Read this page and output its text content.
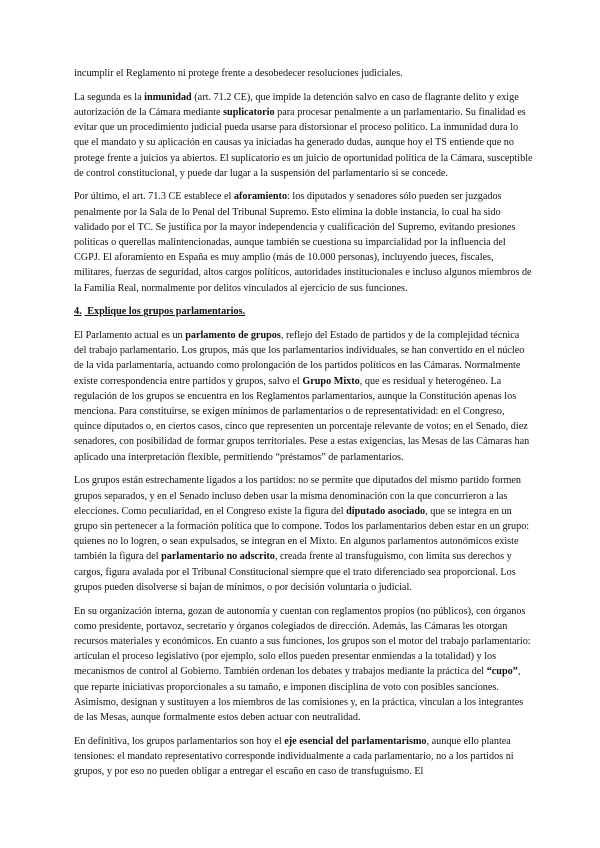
incumplir el Reglamento ni protege frente a desobedecer resoluciones judiciales.

La segunda es la inmunidad (art. 71.2 CE), que impide la detención salvo en caso de flagrante delito y exige autorización de la Cámara mediante suplicatorio para procesar penalmente a un parlamentario. Su finalidad es evitar que un procedimiento judicial pueda usarse para distorsionar el proceso político. La inmunidad dura lo que el mandato y su aplicación en causas ya iniciadas ha generado dudas, aunque hoy el TS entiende que no protege frente a juicios ya abiertos. El suplicatorio es un juicio de oportunidad política de la Cámara, susceptible de control constitucional, y puede dar lugar a la suspensión del parlamentario si se concede.

Por último, el art. 71.3 CE establece el aforamiento: los diputados y senadores sólo pueden ser juzgados penalmente por la Sala de lo Penal del Tribunal Supremo. Esto elimina la doble instancia, lo cual ha sido validado por el TC. Se justifica por la mayor independencia y cualificación del Supremo, evitando presiones políticas o querellas malintencionadas, aunque también se cuestiona su imparcialidad por la influencia del CGPJ. El aforamiento en España es muy amplio (más de 10.000 personas), incluyendo jueces, fiscales, militares, fuerzas de seguridad, altos cargos políticos, autoridades institucionales e incluso algunos miembros de la Familia Real, normalmente por delitos vinculados al ejercicio de sus funciones.

4. Explique los grupos parlamentarios.

El Parlamento actual es un parlamento de grupos, reflejo del Estado de partidos y de la complejidad técnica del trabajo parlamentario. Los grupos, más que los parlamentarios individuales, se han convertido en el núcleo de la vida parlamentaria, actuando como prolongación de los partidos políticos en las Cámaras. Normalmente existe correspondencia entre partidos y grupos, salvo el Grupo Mixto, que es residual y heterogéneo. La regulación de los grupos se encuentra en los Reglamentos parlamentarios, aunque la Constitución apenas los menciona. Para constituirse, se exigen mínimos de parlamentarios o de representatividad: en el Congreso, quince diputados o, en ciertos casos, cinco que representen un porcentaje relevante de votos; en el Senado, diez senadores, con posibilidad de formar grupos territoriales. Pese a estas exigencias, las Mesas de las Cámaras han aplicado una interpretación flexible, permitiendo “préstamos” de parlamentarios.

Los grupos están estrechamente ligados a los partidos: no se permite que diputados del mismo partido formen grupos separados, y en el Senado incluso deben usar la misma denominación con la que concurrieron a las elecciones. Como peculiaridad, en el Congreso existe la figura del diputado asociado, que se integra en un grupo sin pertenecer a la formación política que lo compone. Todos los parlamentarios deben estar en un grupo: quienes no lo logren, o sean expulsados, se integran en el Mixto. En algunos parlamentos autonómicos existe también la figura del parlamentario no adscrito, creada frente al transfuguismo, con limita sus derechos y cargos, figura avalada por el Tribunal Constitucional siempre que el trato diferenciado sea proporcional. Los grupos pueden disolverse si bajan de mínimos, o por decisión voluntaria o judicial.

En su organización interna, gozan de autonomía y cuentan con reglamentos propios (no públicos), con órganos como presidente, portavoz, secretario y órganos colegiados de dirección. Además, las Cámaras les otorgan recursos materiales y económicos. En cuanto a sus funciones, los grupos son el motor del trabajo parlamentario: articulan el proceso legislativo (por ejemplo, solo ellos pueden presentar enmiendas a la totalidad) y los mecanismos de control al Gobierno. También ordenan los debates y trabajos mediante la práctica del “cupo”, que reparte iniciativas proporcionales a su tamaño, e imponen disciplina de voto con posibles sanciones. Asimismo, designan y sustituyen a los miembros de las comisiones y, en la práctica, vinculan a los integrantes de las Mesas, aunque formalmente estos deben actuar con neutralidad.

En definitiva, los grupos parlamentarios son hoy el eje esencial del parlamentarismo, aunque ello plantea tensiones: el mandato representativo corresponde individualmente a cada parlamentario, no a los partidos ni grupos, y por eso no pueden obligar a entregar el escaño en caso de transfuguismo. El
